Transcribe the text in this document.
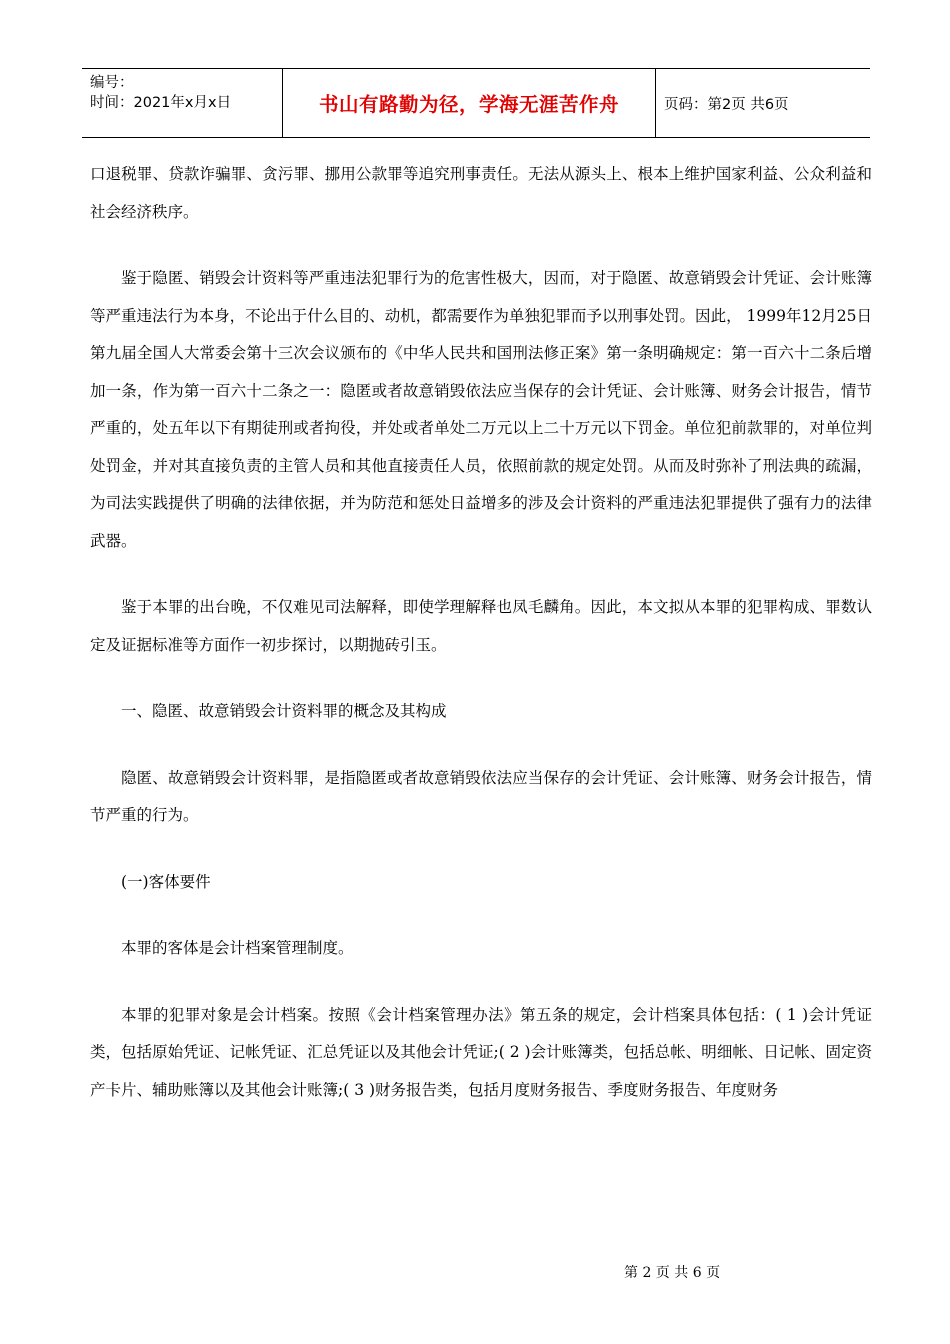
编号：
时间：2021年x月x日	书山有路勤为径，学海无涯苦作舟	页码：第2页 共6页

口退税罪、贷款诈骗罪、贪污罪、挪用公款罪等追究刑事责任。无法从源头上、根本上维护国家利益、公众利益和社会经济秩序。

鉴于隐匿、销毁会计资料等严重违法犯罪行为的危害性极大，因而，对于隐匿、故意销毁会计凭证、会计账簿等严重违法行为本身，不论出于什么目的、动机，都需要作为单独犯罪而予以刑事处罚。因此， 1999年12月25日第九届全国人大常委会第十三次会议颁布的《中华人民共和国刑法修正案》第一条明确规定：第一百六十二条后增加一条，作为第一百六十二条之一：隐匿或者故意销毁依法应当保存的会计凭证、会计账簿、财务会计报告，情节严重的，处五年以下有期徒刑或者拘役，并处或者单处二万元以上二十万元以下罚金。单位犯前款罪的，对单位判处罚金，并对其直接负责的主管人员和其他直接责任人员，依照前款的规定处罚。从而及时弥补了刑法典的疏漏，为司法实践提供了明确的法律依据，并为防范和惩处日益增多的涉及会计资料的严重违法犯罪提供了强有力的法律武器。

鉴于本罪的出台晚，不仅难见司法解释，即使学理解释也凤毛麟角。因此，本文拟从本罪的犯罪构成、罪数认定及证据标准等方面作一初步探讨，以期抛砖引玉。

一、隐匿、故意销毁会计资料罪的概念及其构成

隐匿、故意销毁会计资料罪，是指隐匿或者故意销毁依法应当保存的会计凭证、会计账簿、财务会计报告，情节严重的行为。

(一)客体要件

本罪的客体是会计档案管理制度。

本罪的犯罪对象是会计档案。按照《会计档案管理办法》第五条的规定，会计档案具体包括：( 1 )会计凭证类，包括原始凭证、记帐凭证、汇总凭证以及其他会计凭证;( 2 )会计账簿类，包括总帐、明细帐、日记帐、固定资产卡片、辅助账簿以及其他会计账簿;( 3 )财务报告类，包括月度财务报告、季度财务报告、年度财务

第 2 页 共 6 页
